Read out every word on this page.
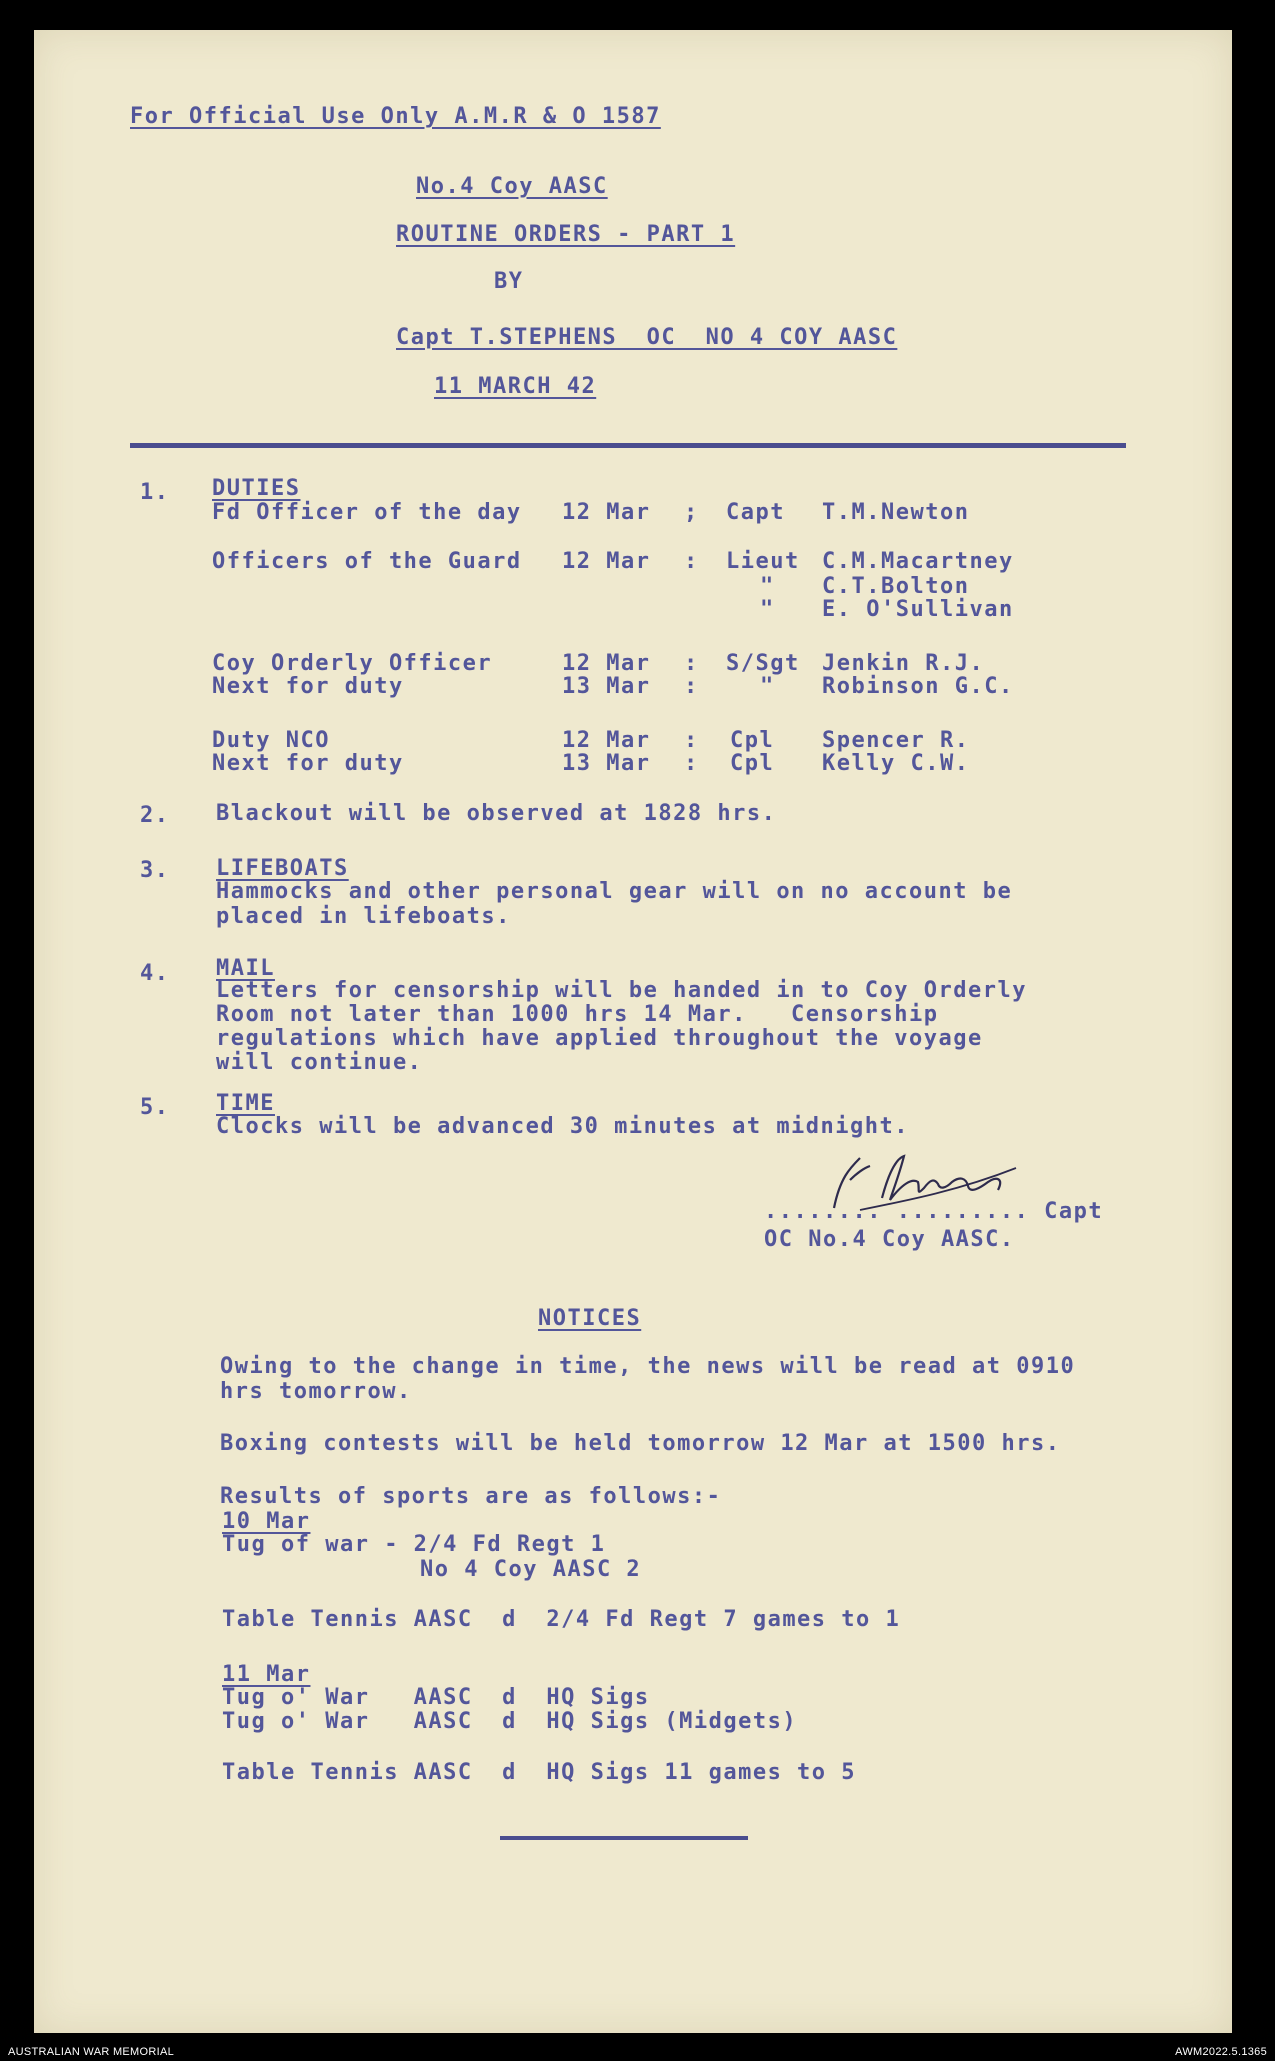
For Official Use Only A.M.R & O 1587
No.4 Coy AASC
ROUTINE ORDERS - PART 1
BY
Capt T.STEPHENS  OC  NO 4 COY AASC
11 MARCH 42
1. DUTIES
Fd Officer of the day 12 Mar ; Capt T.M.Newton
Officers of the Guard 12 Mar : Lieut C.M.Macartney
" C.T.Bolton
" E. O'Sullivan
Coy Orderly Officer	12 Mar : S/Sgt Jenkin R.J.
Next for duty	13 Mar :	" Robinson G.C.
Duty NCO	12 Mar : Cpl Spencer R.
Next for duty	13 Mar : Cpl Kelly C.W.
2. Blackout will be observed at 1828 hrs.
3. LIFEBOATS
Hammocks and other personal gear will on no account be
placed in lifeboats.
4. MAIL
Letters for censorship will be handed in to Coy Orderly
Room not later than 1000 hrs 14 Mar.   Censorship
regulations which have applied throughout the voyage
will continue.
5. TIME
Clocks will be advanced 30 minutes at midnight.
........ ......... Capt
OC No.4 Coy AASC.
NOTICES
Owing to the change in time, the news will be read at 0910
hrs tomorrow.
Boxing contests will be held tomorrow 12 Mar at 1500 hrs.
Results of sports are as follows:-
10 Mar
Tug of war - 2/4 Fd Regt 1
No 4 Coy AASC 2
Table Tennis AASC  d  2/4 Fd Regt 7 games to 1
11 Mar
Tug o' War   AASC  d  HQ Sigs
Tug o' War   AASC  d  HQ Sigs (Midgets)
Table Tennis AASC  d  HQ Sigs 11 games to 5
AUSTRALIAN WAR MEMORIAL	AWM2022.5.1365
